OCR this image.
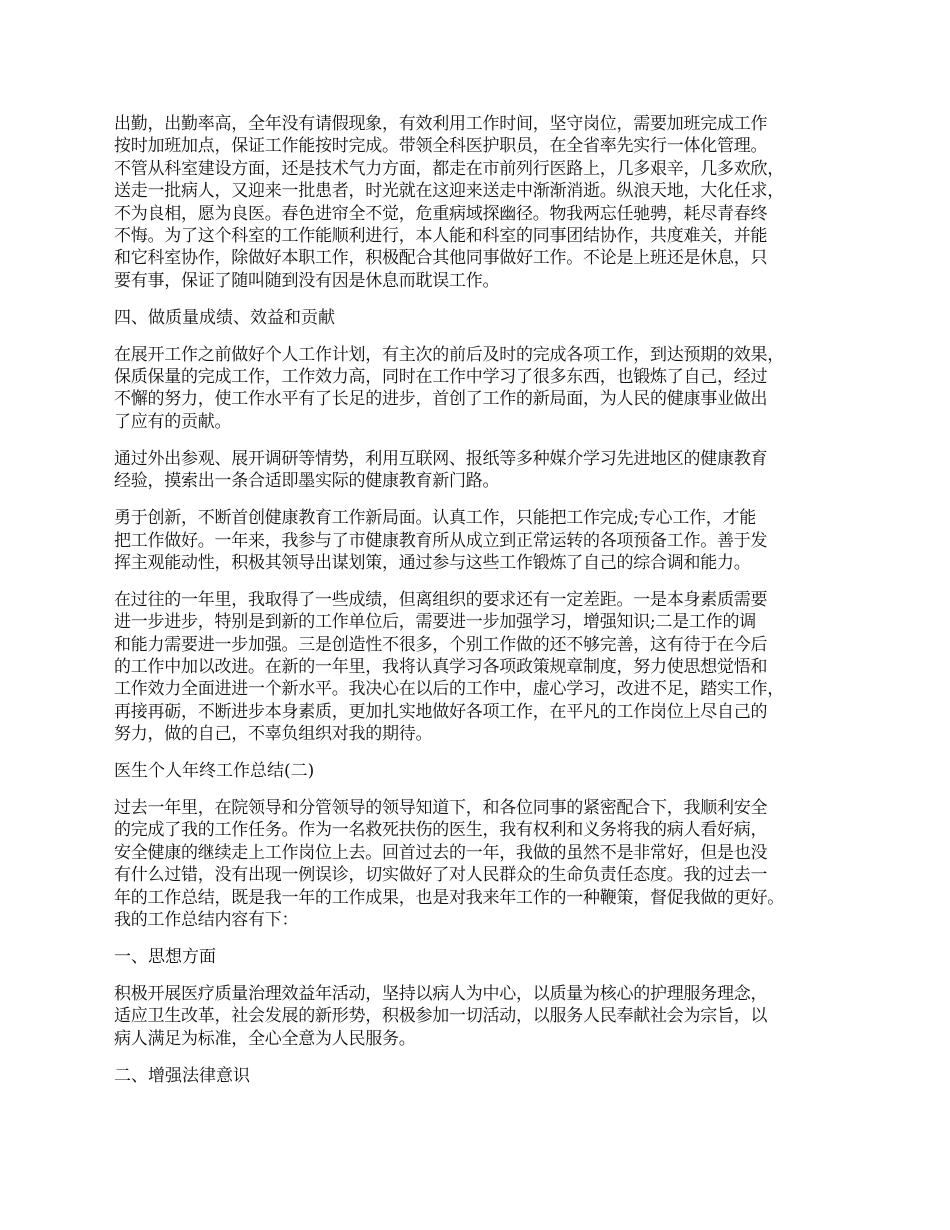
出勤，出勤率高，全年没有请假现象，有效利用工作时间，坚守岗位，需要加班完成工作
按时加班加点，保证工作能按时完成。带领全科医护职员，在全省率先实行一体化管理。
不管从科室建设方面，还是技术气力方面，都走在市前列行医路上，几多艰辛，几多欢欣，
送走一批病人，又迎来一批患者，时光就在这迎来送走中渐渐消逝。纵浪天地，大化任求，
不为良相，愿为良医。春色进帘全不觉，危重病域探幽径。物我两忘任驰骋，耗尽青春终
不悔。为了这个科室的工作能顺利进行，本人能和科室的同事团结协作，共度难关，并能
和它科室协作，除做好本职工作，积极配合其他同事做好工作。不论是上班还是休息，只
要有事，保证了随叫随到没有因是休息而耽误工作。
四、做质量成绩、效益和贡献
在展开工作之前做好个人工作计划，有主次的前后及时的完成各项工作，到达预期的效果，
保质保量的完成工作，工作效力高，同时在工作中学习了很多东西，也锻炼了自己，经过
不懈的努力，使工作水平有了长足的进步，首创了工作的新局面，为人民的健康事业做出
了应有的贡献。
通过外出参观、展开调研等情势，利用互联网、报纸等多种媒介学习先进地区的健康教育
经验，摸索出一条合适即墨实际的健康教育新门路。
勇于创新，不断首创健康教育工作新局面。认真工作，只能把工作完成;专心工作，才能
把工作做好。一年来，我参与了市健康教育所从成立到正常运转的各项预备工作。善于发
挥主观能动性，积极其领导出谋划策，通过参与这些工作锻炼了自己的综合调和能力。
在过往的一年里，我取得了一些成绩，但离组织的要求还有一定差距。一是本身素质需要
进一步进步，特别是到新的工作单位后，需要进一步加强学习，增强知识;二是工作的调
和能力需要进一步加强。三是创造性不很多，个别工作做的还不够完善，这有待于在今后
的工作中加以改进。在新的一年里，我将认真学习各项政策规章制度，努力使思想觉悟和
工作效力全面进进一个新水平。我决心在以后的工作中，虚心学习，改进不足，踏实工作，
再接再砺，不断进步本身素质，更加扎实地做好各项工作，在平凡的工作岗位上尽自己的
努力，做的自己，不辜负组织对我的期待。
医生个人年终工作总结(二)
过去一年里，在院领导和分管领导的领导知道下，和各位同事的紧密配合下，我顺利安全
的完成了我的工作任务。作为一名救死扶伤的医生，我有权利和义务将我的病人看好病，
安全健康的继续走上工作岗位上去。回首过去的一年，我做的虽然不是非常好，但是也没
有什么过错，没有出现一例误诊，切实做好了对人民群众的生命负责任态度。我的过去一
年的工作总结，既是我一年的工作成果，也是对我来年工作的一种鞭策，督促我做的更好。
我的工作总结内容有下：
一、思想方面
积极开展医疗质量治理效益年活动，坚持以病人为中心，以质量为核心的护理服务理念，
适应卫生改革，社会发展的新形势，积极参加一切活动，以服务人民奉献社会为宗旨，以
病人满足为标准，全心全意为人民服务。
二、增强法律意识
